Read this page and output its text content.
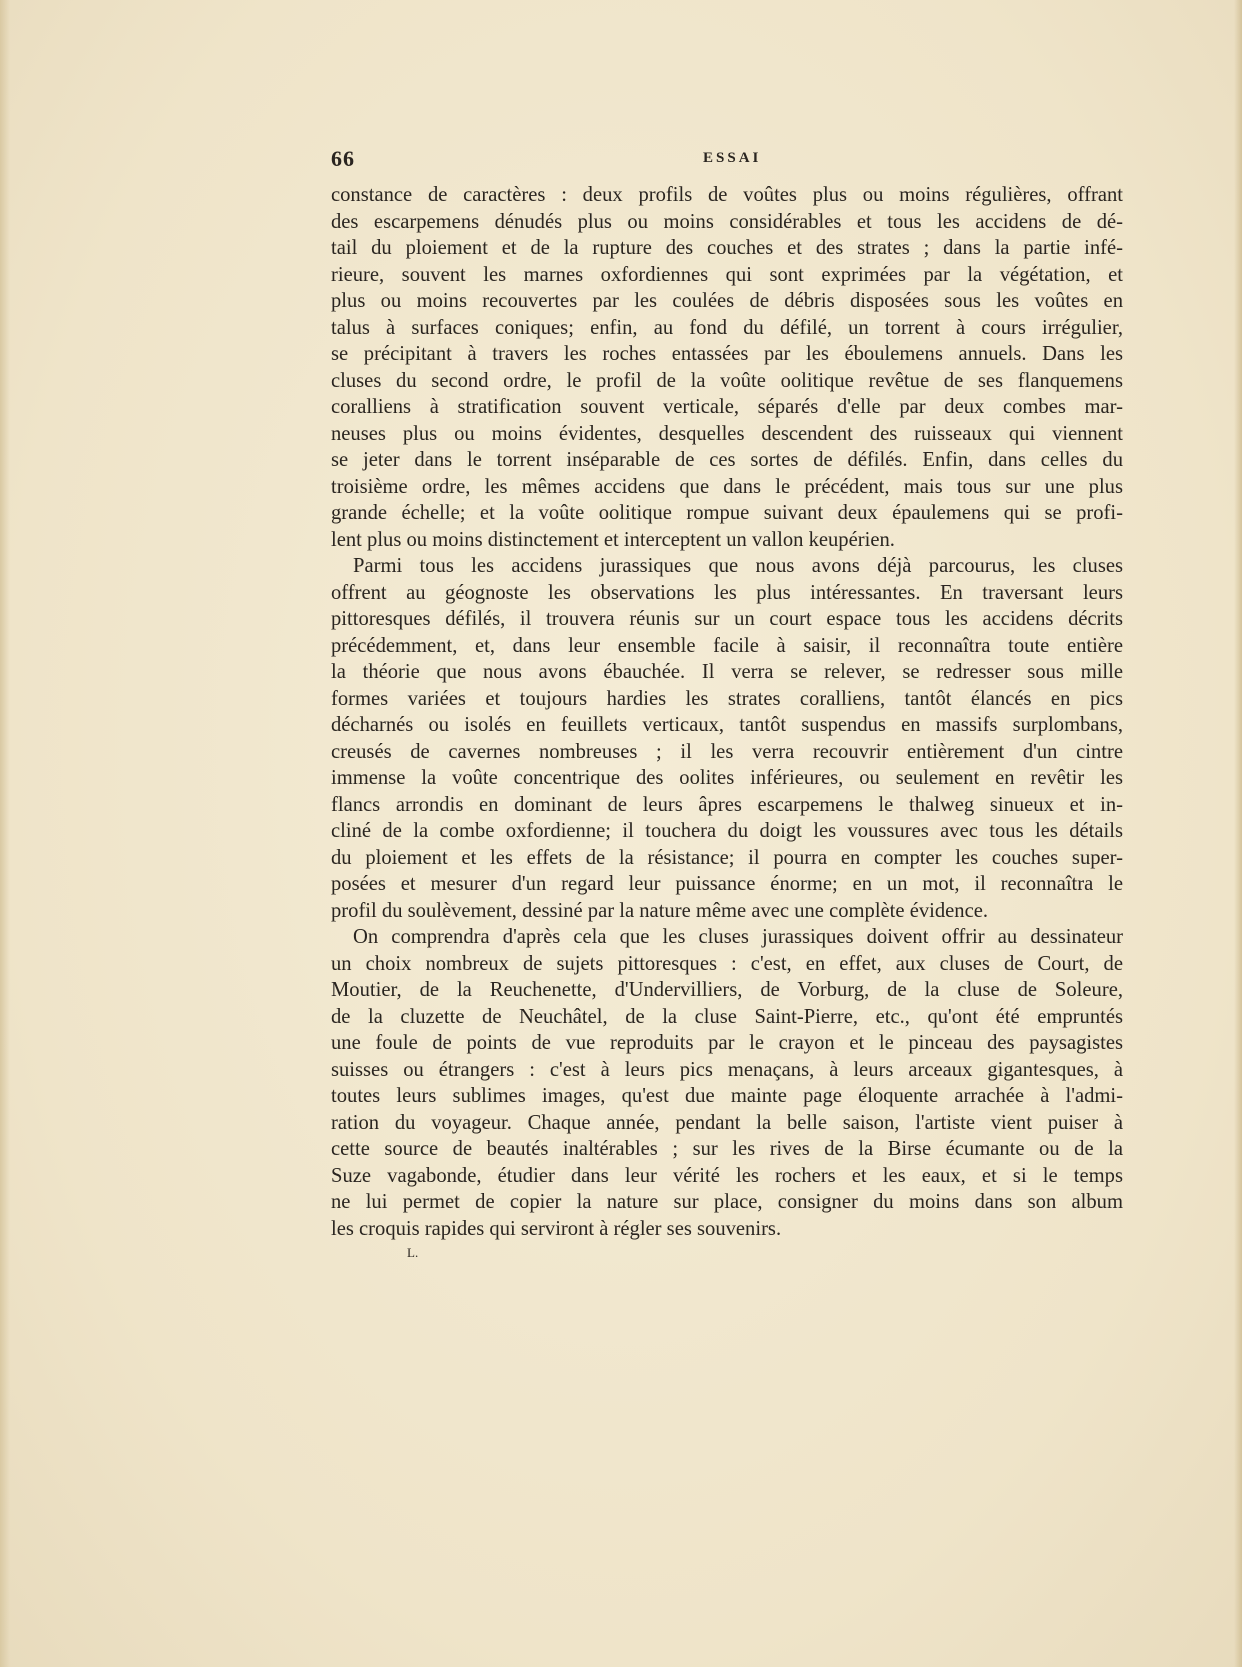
66	ESSAI
constance de caractères : deux profils de voûtes plus ou moins régulières, offrant
des escarpemens dénudés plus ou moins considérables et tous les accidens de dé-
tail du ploiement et de la rupture des couches et des strates ; dans la partie infé-
rieure, souvent les marnes oxfordiennes qui sont exprimées par la végétation, et
plus ou moins recouvertes par les coulées de débris disposées sous les voûtes en
talus à surfaces coniques; enfin, au fond du défilé, un torrent à cours irrégulier,
se précipitant à travers les roches entassées par les éboulemens annuels. Dans les
cluses du second ordre, le profil de la voûte oolitique revêtue de ses flanquemens
coralliens à stratification souvent verticale, séparés d'elle par deux combes mar-
neuses plus ou moins évidentes, desquelles descendent des ruisseaux qui viennent
se jeter dans le torrent inséparable de ces sortes de défilés. Enfin, dans celles du
troisième ordre, les mêmes accidens que dans le précédent, mais tous sur une plus
grande échelle; et la voûte oolitique rompue suivant deux épaulemens qui se profi-
lent plus ou moins distinctement et interceptent un vallon keupérien.
Parmi tous les accidens jurassiques que nous avons déjà parcourus, les cluses
offrent au géognoste les observations les plus intéressantes. En traversant leurs
pittoresques défilés, il trouvera réunis sur un court espace tous les accidens décrits
précédemment, et, dans leur ensemble facile à saisir, il reconnaîtra toute entière
la théorie que nous avons ébauchée. Il verra se relever, se redresser sous mille
formes variées et toujours hardies les strates coralliens, tantôt élancés en pics
décharnés ou isolés en feuillets verticaux, tantôt suspendus en massifs surplombans,
creusés de cavernes nombreuses ; il les verra recouvrir entièrement d'un cintre
immense la voûte concentrique des oolites inférieures, ou seulement en revêtir les
flancs arrondis en dominant de leurs âpres escarpemens le thalweg sinueux et in-
cliné de la combe oxfordienne; il touchera du doigt les voussures avec tous les détails
du ploiement et les effets de la résistance; il pourra en compter les couches super-
posées et mesurer d'un regard leur puissance énorme; en un mot, il reconnaîtra le
profil du soulèvement, dessiné par la nature même avec une complète évidence.
On comprendra d'après cela que les cluses jurassiques doivent offrir au dessinateur
un choix nombreux de sujets pittoresques : c'est, en effet, aux cluses de Court, de
Moutier, de la Reuchenette, d'Undervilliers, de Vorburg, de la cluse de Soleure,
de la cluzette de Neuchâtel, de la cluse Saint-Pierre, etc., qu'ont été empruntés
une foule de points de vue reproduits par le crayon et le pinceau des paysagistes
suisses ou étrangers : c'est à leurs pics menaçans, à leurs arceaux gigantesques, à
toutes leurs sublimes images, qu'est due mainte page éloquente arrachée à l'admi-
ration du voyageur. Chaque année, pendant la belle saison, l'artiste vient puiser à
cette source de beautés inaltérables ; sur les rives de la Birse écumante ou de la
Suze vagabonde, étudier dans leur vérité les rochers et les eaux, et si le temps
ne lui permet de copier la nature sur place, consigner du moins dans son album
les croquis rapides qui serviront à régler ses souvenirs.
L.
